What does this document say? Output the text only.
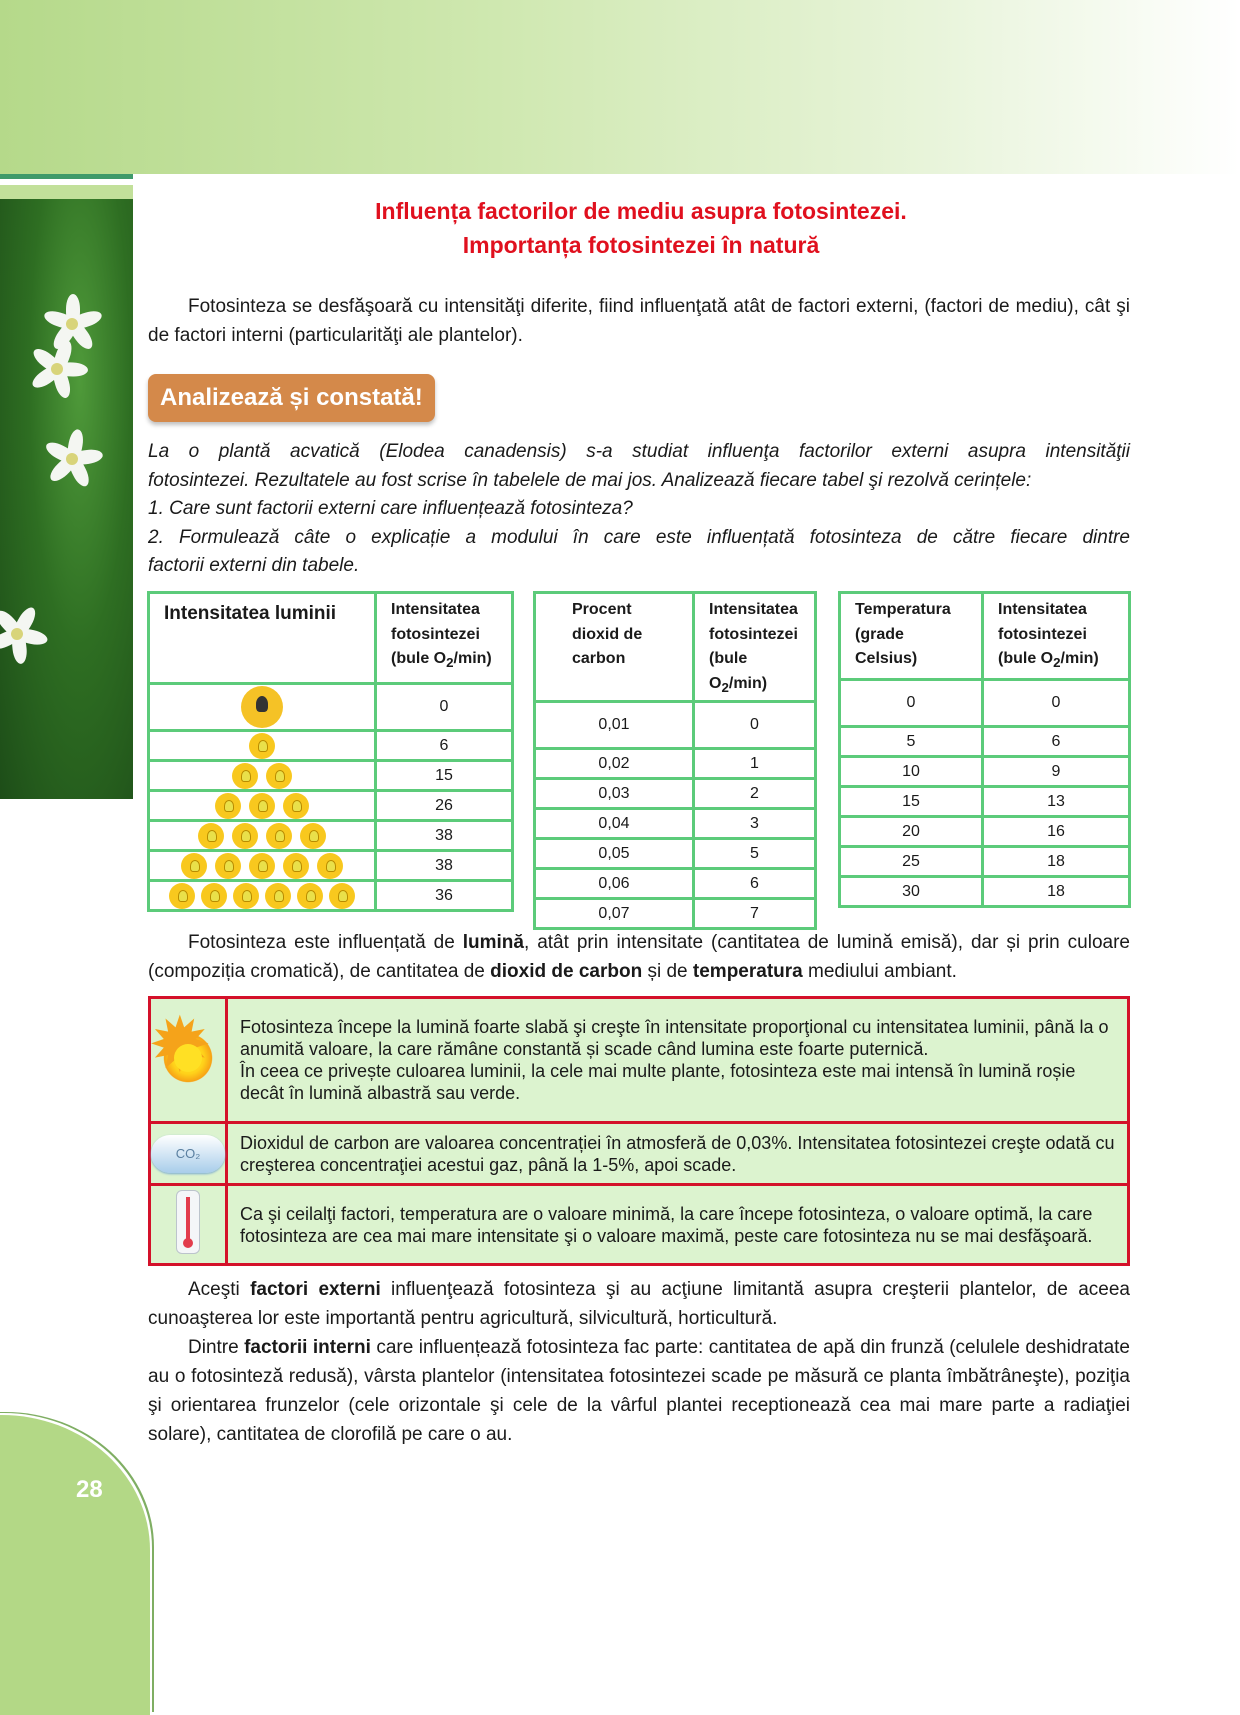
28
Influența factorilor de mediu asupra fotosintezei.
Importanța fotosintezei în natură
Fotosinteza se desfăşoară cu intensităţi diferite, fiind influenţată atât de factori externi, (factori de mediu), cât şi de factori interni (particularităţi ale plantelor).
Analizează și constată!
La o plantă acvatică (Elodea canadensis) s-a studiat influenţa factorilor externi asupra intensităţii
fotosintezei. Rezultatele au fost scrise în tabelele de mai jos. Analizează fiecare tabel şi rezolvă cerințele:
1. Care sunt factorii externi care influențează fotosinteza?
2. Formulează câte o explicație a modului în care este influențată fotosinteza de către fiecare dintre
factorii externi din tabele.
Intensitatea luminii	Intensitatea
fotosintezei
(bule $O_2/\min$)

	0
	6
	15
	26
	38
	38
	36
Procent
dioxid de
carbon

Intensitatea
fotosintezei
(bule $O_2/\min$)

0,01	0
0,02	1
0,03	2
0,04	3
0,05	5
0,06	6
0,07	7
Temperatura
(grade
Celsius)

Intensitatea
fotosintezei
(bule $O_2/\min$)

0	0
5	6
10	9
15	13
20	16
25	18
30	18
Fotosinteza este influențată de lumină, atât prin intensitate (cantitatea de lumină emisă), dar și prin culoare (compoziția cromatică), de cantitatea de dioxid de carbon și de temperatura mediului ambiant.
✹	
Fotosinteza începe la lumină foarte slabă şi creşte în intensitate proporţional cu intensitatea luminii, până la o anumită valoare, la care rămâne constantă și scade când lumina este foarte puternică.
În ceea ce privește culoarea luminii, la cele mai multe plante, fotosinteza este mai intensă în lumină roșie decât în lumină albastră sau verde.

CO₂	Dioxidul de carbon are valoarea concentrației în atmosferă de 0,03%. Intensitatea fotosintezei creşte odată cu creşterea concentraţiei acestui gaz, până la 1-5%, apoi scade.
	Ca şi ceilalţi factori, temperatura are o valoare minimă, la care începe fotosinteza, o valoare optimă, la care fotosinteza are cea mai mare intensitate şi o valoare maximă, peste care fotosinteza nu se mai desfăşoară.
Aceşti factori externi influenţează fotosinteza şi au acţiune limitantă asupra creşterii plantelor, de aceea cunoaşterea lor este importantă pentru agricultură, silvicultură, horticultură.
Dintre factorii interni care influențează fotosinteza fac parte: cantitatea de apă din frunză (celulele deshidratate au o fotosinteză redusă), vârsta plantelor (intensitatea fotosintezei scade pe măsură ce planta îmbătrâneşte), poziţia şi orientarea frunzelor (cele orizontale şi cele de la vârful plantei receptionează cea mai mare parte a radiaţiei solare), cantitatea de clorofilă pe care o au.
